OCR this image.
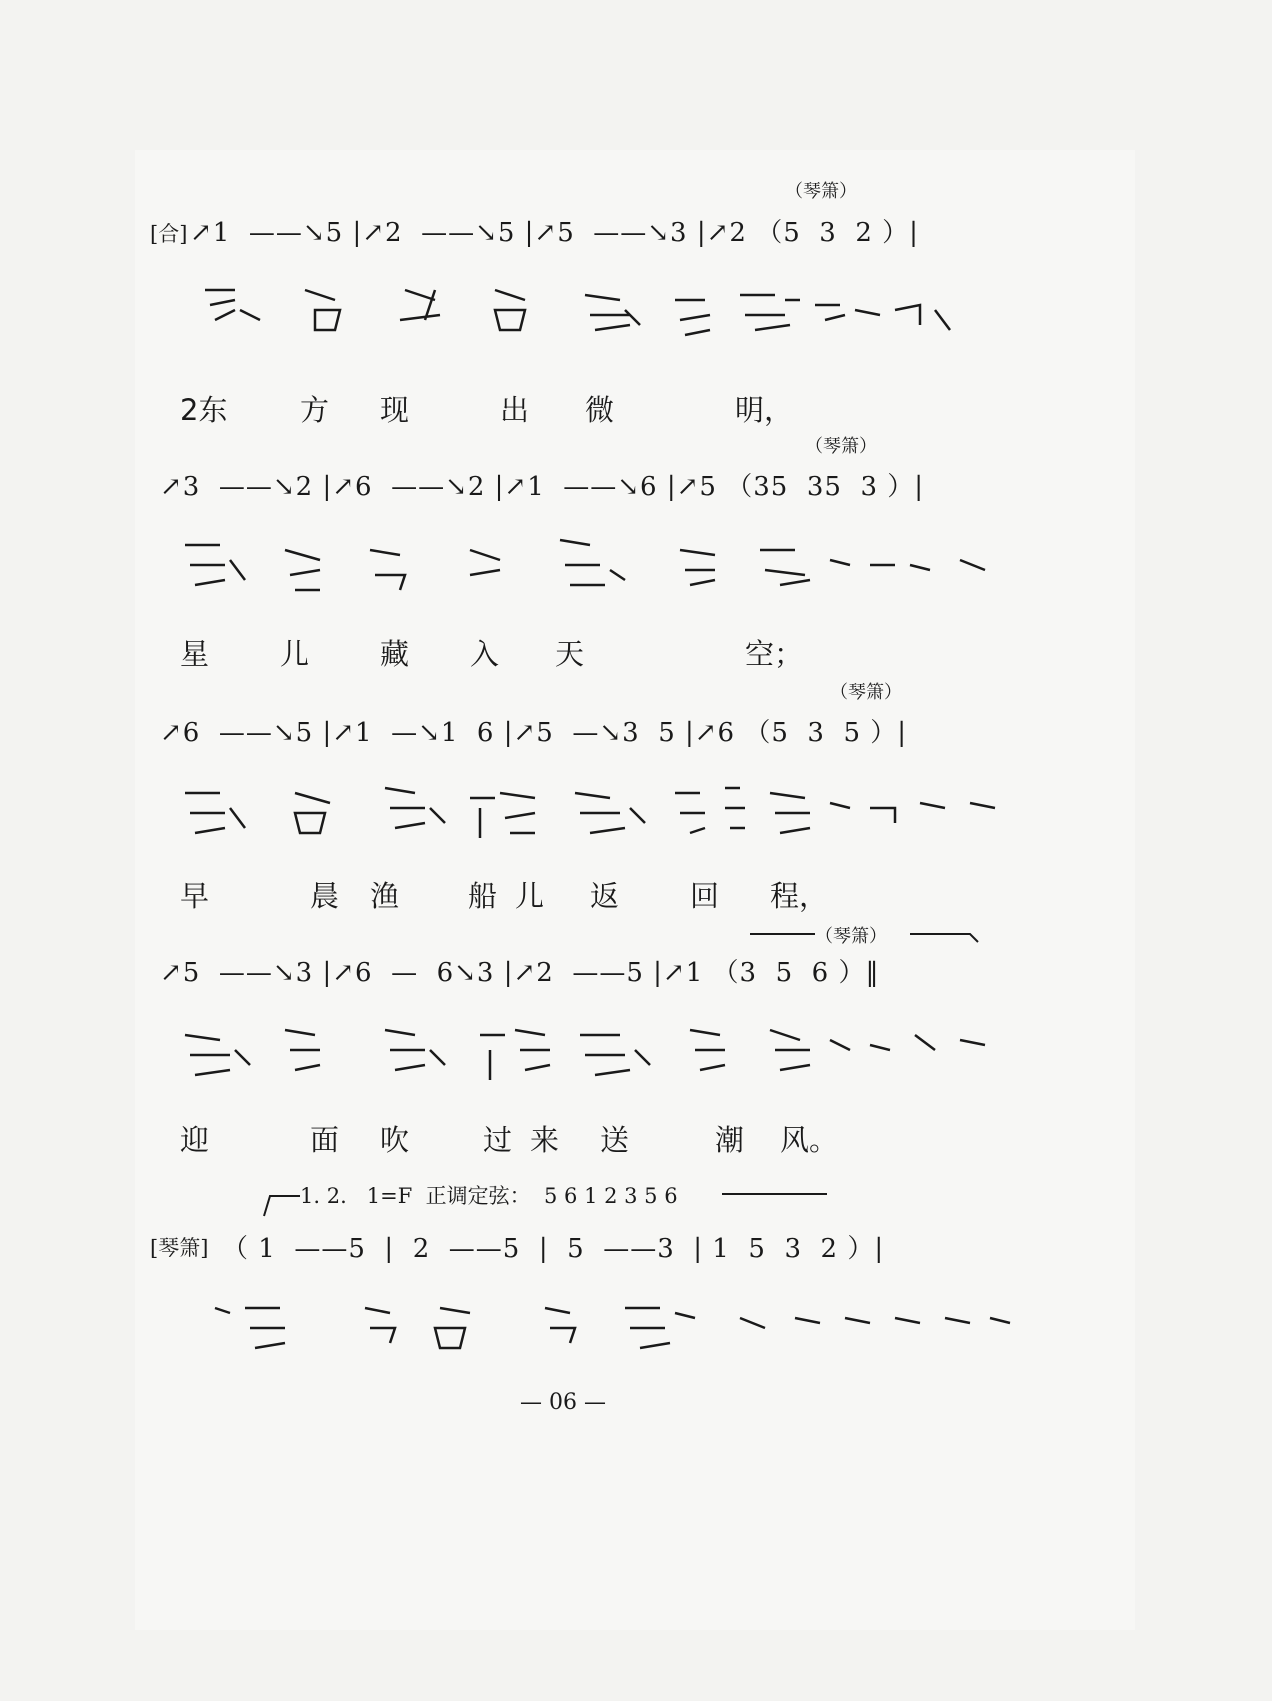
（琴箫）
[合] ↗1  ——↘5 |↗2  ——↘5 |↗5  ——↘3 |↗2 （5  3  2 ）|
2东	方 现	出 微	明，
（琴箫）
↗3  ——↘2 |↗6  ——↘2 |↗1  ——↘6 |↗5 （35  35  3 ）|
星 儿 藏 入 天	空；
（琴箫）
↗6  ——↘5 |↗1  —↘1  6 |↗5  —↘3  5 |↗6 （5  3  5 ）|
早	晨 渔 船 儿 返 回 程，
（琴箫）
↗5  ——↘3 |↗6  —  6↘3 |↗2  ——5 |↗1 （3  5  6 ）‖
迎	面 吹	过 来 送	潮 风。
1. 2.   1=F  正调定弦：  5 6 1 2 3 5 6
[琴箫] （ 1  ——5  |  2  ——5  |  5  ——3  | 1  5  3  2 ）|
— 06 —
